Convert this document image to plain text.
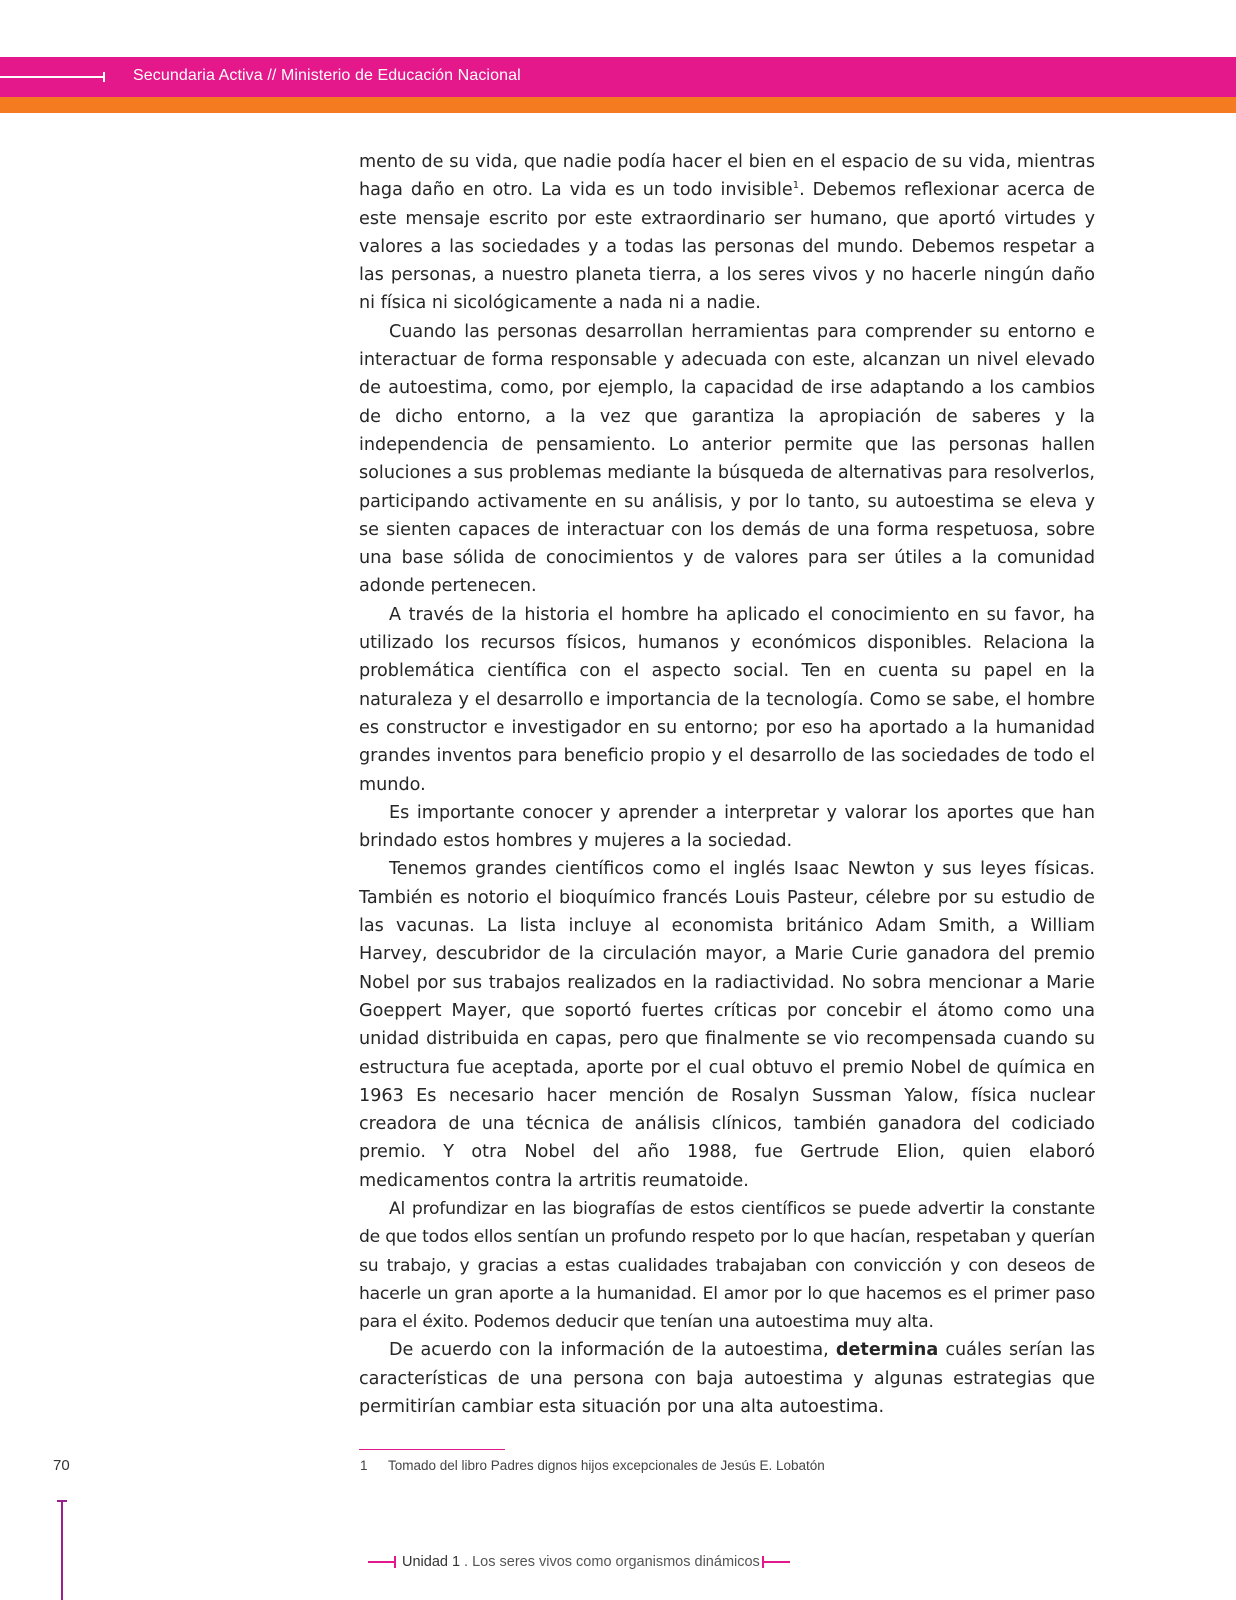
Secundaria Activa // Ministerio de Educación Nacional

mento de su vida, que nadie podía hacer el bien en el espacio de su vida, mientras haga daño en otro. La vida es un todo invisible$^1$. Debemos reflexionar acerca de este mensaje escrito por este extraordinario ser humano, que aportó virtudes y valores a las sociedades y a todas las personas del mundo. Debemos respetar a las personas, a nuestro planeta tierra, a los seres vivos y no hacerle ningún daño ni física ni sicológicamente a nada ni a nadie.

Cuando las personas desarrollan herramientas para comprender su entorno e interactuar de forma responsable y adecuada con este, alcanzan un nivel elevado de autoestima, como, por ejemplo, la capacidad de irse adaptando a los cambios de dicho entorno, a la vez que garantiza la apropiación de saberes y la independencia de pensamiento. Lo anterior permite que las personas hallen soluciones a sus problemas mediante la búsqueda de alternativas para resolverlos, participando activamente en su análisis, y por lo tanto, su autoestima se eleva y se sienten capaces de interactuar con los demás de una forma respetuosa, sobre una base sólida de conocimientos y de valores para ser útiles a la comunidad adonde pertenecen.

A través de la historia el hombre ha aplicado el conocimiento en su favor, ha utilizado los recursos físicos, humanos y económicos disponibles. Relaciona la problemática científica con el aspecto social. Ten en cuenta su papel en la naturaleza y el desarrollo e importancia de la tecnología. Como se sabe, el hombre es constructor e investigador en su entorno; por eso ha aportado a la humanidad grandes inventos para beneficio propio y el desarrollo de las sociedades de todo el mundo.

Es importante conocer y aprender a interpretar y valorar los aportes que han brindado estos hombres y mujeres a la sociedad.

Tenemos grandes científicos como el inglés Isaac Newton y sus leyes físicas. También es notorio el bioquímico francés Louis Pasteur, célebre por su estudio de las vacunas. La lista incluye al economista británico Adam Smith, a William Harvey, descubridor de la circulación mayor, a Marie Curie ganadora del premio Nobel por sus trabajos realizados en la radiactividad. No sobra mencionar a Marie Goeppert Mayer, que soportó fuertes críticas por concebir el átomo como una unidad distribuida en capas, pero que finalmente se vio recompensada cuando su estructura fue aceptada, aporte por el cual obtuvo el premio Nobel de química en 1963 Es necesario hacer mención de Rosalyn Sussman Yalow, física nuclear creadora de una técnica de análisis clínicos, también ganadora del codiciado premio. Y otra Nobel del año 1988, fue Gertrude Elion, quien elaboró medicamentos contra la artritis reumatoide.

Al profundizar en las biografías de estos científicos se puede advertir la constante de que todos ellos sentían un profundo respeto por lo que hacían, respetaban y querían su trabajo, y gracias a estas cualidades trabajaban con convicción y con deseos de hacerle un gran aporte a la humanidad. El amor por lo que hacemos es el primer paso para el éxito. Podemos deducir que tenían una autoestima muy alta.

De acuerdo con la información de la autoestima, determina cuáles serían las características de una persona con baja autoestima y algunas estrategias que permitirían cambiar esta situación por una alta autoestima.

1 Tomado del libro Padres dignos hijos excepcionales de Jesús E. Lobatón
70
Unidad 1 . Los seres vivos como organismos dinámicos
